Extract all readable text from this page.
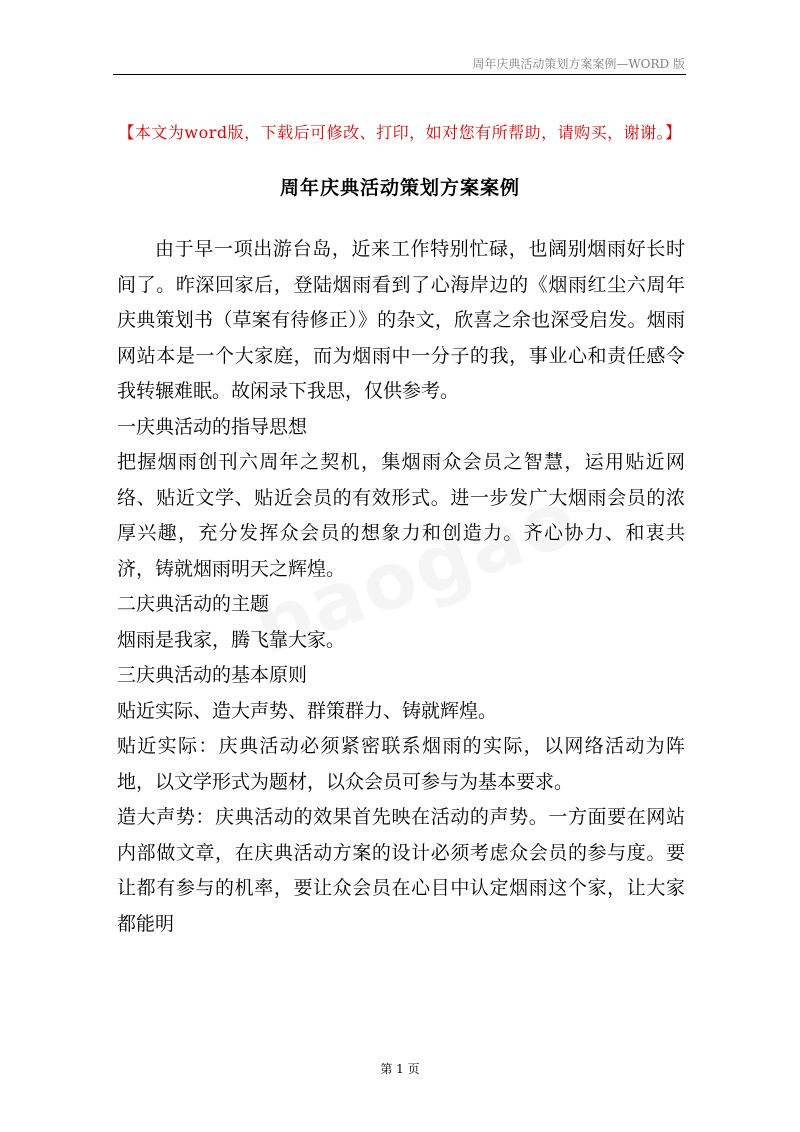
周年庆典活动策划方案案例—WORD 版
【本文为word版，下载后可修改、打印，如对您有所帮助，请购买，谢谢。】
周年庆典活动策划方案案例

由于早一项出游台岛，近来工作特别忙碌，也阔别烟雨好长时间了。昨深回家后，登陆烟雨看到了心海岸边的《烟雨红尘六周年庆典策划书（草案有待修正）》的杂文，欣喜之余也深受启发。烟雨网站本是一个大家庭，而为烟雨中一分子的我，事业心和责任感令我转辗难眠。故闲录下我思，仅供参考。

一庆典活动的指导思想

把握烟雨创刊六周年之契机，集烟雨众会员之智慧，运用贴近网络、贴近文学、贴近会员的有效形式。进一步发广大烟雨会员的浓厚兴趣，充分发挥众会员的想象力和创造力。齐心协力、和衷共济，铸就烟雨明天之辉煌。

二庆典活动的主题

烟雨是我家，腾飞靠大家。

三庆典活动的基本原则

贴近实际、造大声势、群策群力、铸就辉煌。

贴近实际：庆典活动必须紧密联系烟雨的实际，以网络活动为阵地，以文学形式为题材，以众会员可参与为基本要求。

造大声势：庆典活动的效果首先映在活动的声势。一方面要在网站内部做文章，在庆典活动方案的设计必须考虑众会员的参与度。要让都有参与的机率，要让众会员在心目中认定烟雨这个家，让大家都能明

第 1 页
